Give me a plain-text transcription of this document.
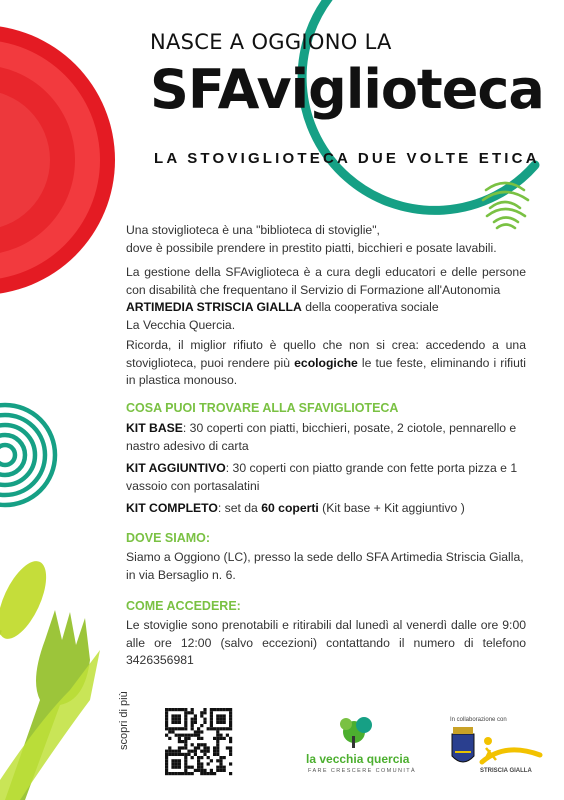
NASCE A OGGIONO LA
SFAviglioteca
LA STOVIGLIOTECA DUE VOLTE ETICA
Una stoviglioteca è una "biblioteca di stoviglie",
dove è possibile prendere in prestito piatti, bicchieri e posate lavabili.
La gestione della SFAviglioteca è a cura degli educatori e delle persone con disabilità che frequentano il Servizio di Formazione all'Autonomia
ARTIMEDIA STRISCIA GIALLA della cooperativa sociale
La Vecchia Quercia.
Ricorda, il miglior rifiuto è quello che non si crea: accedendo a una stoviglioteca, puoi rendere più ecologiche le tue feste, eliminando i rifiuti in plastica monouso.
COSA PUOI TROVARE ALLA SFAVIGLIOTECA
KIT BASE: 30 coperti con piatti, bicchieri, posate, 2 ciotole, pennarello e nastro adesivo di carta
KIT AGGIUNTIVO: 30 coperti con piatto grande con fette porta pizza e 1 vassoio con portasalatini
KIT COMPLETO: set da 60 coperti (Kit base + Kit aggiuntivo )
DOVE SIAMO:
Siamo a Oggiono (LC), presso la sede dello SFA Artimedia Striscia Gialla,
in via Bersaglio n. 6.
COME ACCEDERE:
Le stoviglie sono prenotabili e ritirabili dal lunedì al venerdì dalle ore 9:00 alle ore 12:00 (salvo eccezioni) contattando il numero di telefono 3426356981
scopri di più
la vecchia quercia
FARE CRESCERE COMUNITÀ
In collaborazione con
STRISCIA GIALLA
